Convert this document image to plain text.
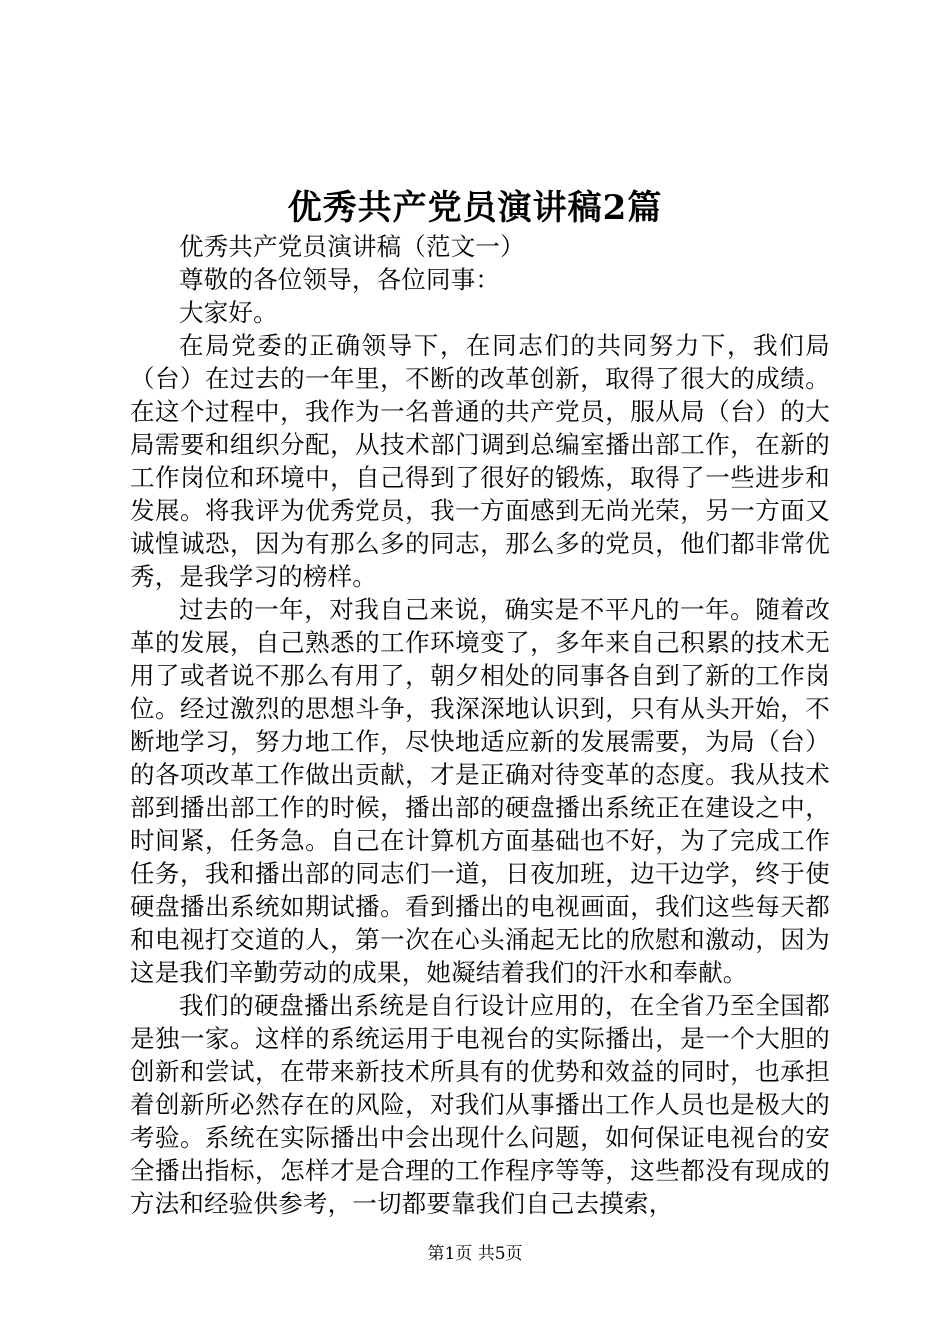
优秀共产党员演讲稿2篇

优秀共产党员演讲稿（范文一）

尊敬的各位领导，各位同事：

大家好。

在局党委的正确领导下，在同志们的共同努力下，我们局（台）在过去的一年里，不断的改革创新，取得了很大的成绩。在这个过程中，我作为一名普通的共产党员，服从局（台）的大局需要和组织分配，从技术部门调到总编室播出部工作，在新的工作岗位和环境中，自己得到了很好的锻炼，取得了一些进步和发展。将我评为优秀党员，我一方面感到无尚光荣，另一方面又诚惶诚恐，因为有那么多的同志，那么多的党员，他们都非常优秀，是我学习的榜样。

过去的一年，对我自己来说，确实是不平凡的一年。随着改革的发展，自己熟悉的工作环境变了，多年来自己积累的技术无用了或者说不那么有用了，朝夕相处的同事各自到了新的工作岗位。经过激烈的思想斗争，我深深地认识到，只有从头开始，不断地学习，努力地工作，尽快地适应新的发展需要，为局（台）的各项改革工作做出贡献，才是正确对待变革的态度。我从技术部到播出部工作的时候，播出部的硬盘播出系统正在建设之中，时间紧，任务急。自己在计算机方面基础也不好，为了完成工作任务，我和播出部的同志们一道，日夜加班，边干边学，终于使硬盘播出系统如期试播。看到播出的电视画面，我们这些每天都和电视打交道的人，第一次在心头涌起无比的欣慰和激动，因为这是我们辛勤劳动的成果，她凝结着我们的汗水和奉献。

我们的硬盘播出系统是自行设计应用的，在全省乃至全国都是独一家。这样的系统运用于电视台的实际播出，是一个大胆的创新和尝试，在带来新技术所具有的优势和效益的同时，也承担着创新所必然存在的风险，对我们从事播出工作人员也是极大的考验。系统在实际播出中会出现什么问题，如何保证电视台的安全播出指标，怎样才是合理的工作程序等等，这些都没有现成的方法和经验供参考，一切都要靠我们自己去摸索，

第1页 共5页
